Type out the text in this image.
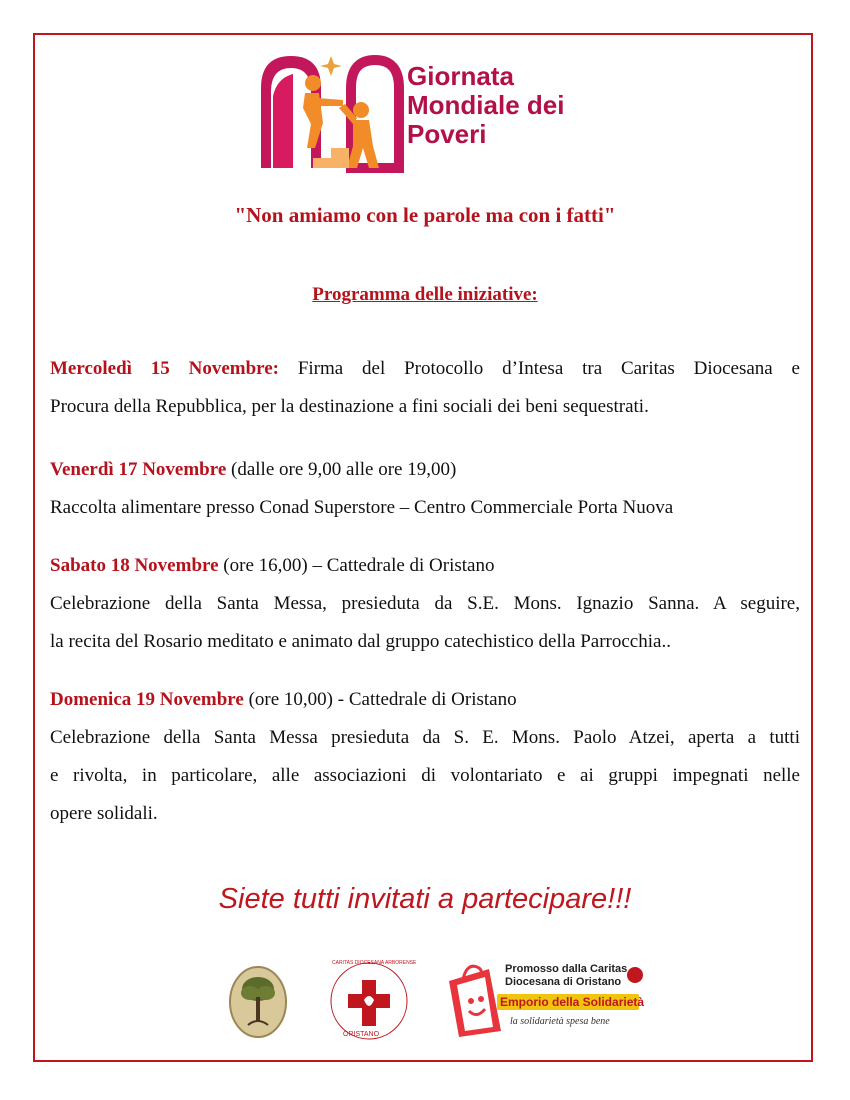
Giornata
Mondiale dei
Poveri
"Non amiamo con le parole ma con i fatti"
Programma delle iniziative:
Mercoledì 15 Novembre: Firma del Protocollo d’Intesa tra Caritas Diocesana e
Procura della Repubblica, per la destinazione a fini sociali dei beni sequestrati.
Venerdì 17 Novembre (dalle ore 9,00 alle ore 19,00)
Raccolta alimentare presso Conad Superstore – Centro Commerciale Porta Nuova
Sabato 18 Novembre (ore 16,00) – Cattedrale di Oristano
Celebrazione della Santa Messa, presieduta da S.E. Mons. Ignazio Sanna. A seguire,
la recita del Rosario meditato e animato dal gruppo catechistico della Parrocchia..
Domenica 19 Novembre (ore 10,00) - Cattedrale di Oristano
Celebrazione della Santa Messa presieduta da S. E. Mons. Paolo Atzei, aperta a tutti
e rivolta, in particolare, alle associazioni di volontariato e ai gruppi impegnati nelle
opere solidali.
Siete tutti invitati a partecipare!!!
CARITAS DIOCESANA ARBORENSE
ORISTANO
Promosso dalla Caritas
Diocesana di Oristano
Emporio della Solidarietà
la solidarietà spesa bene
